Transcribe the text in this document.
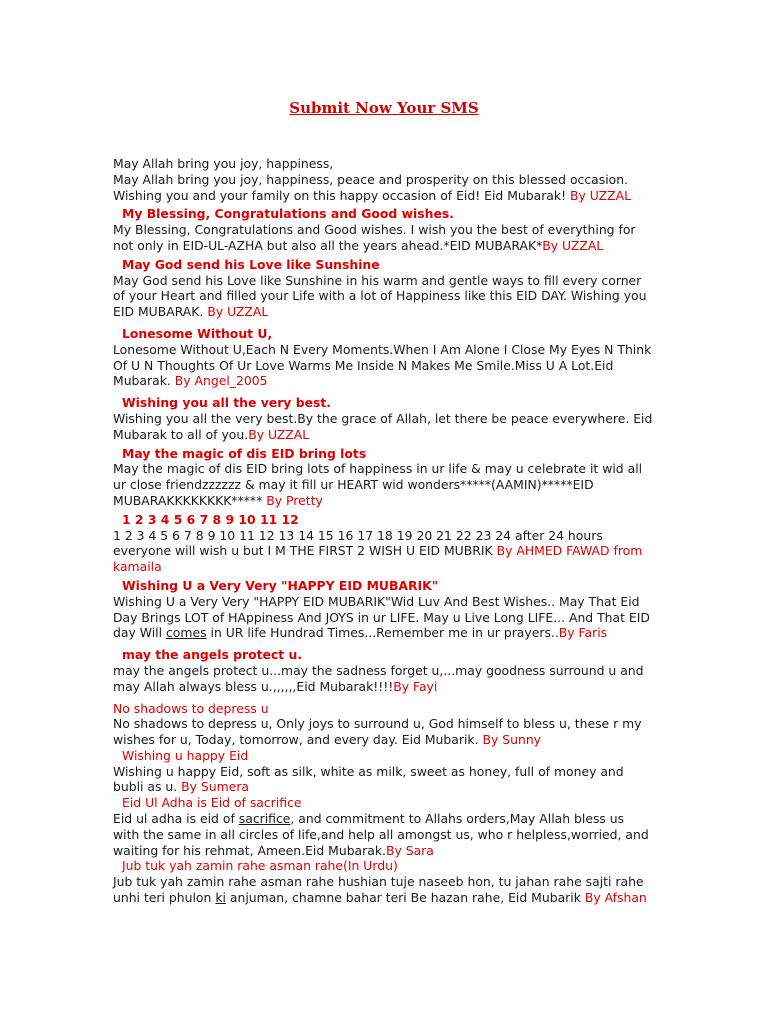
Submit Now Your SMS
May Allah bring you joy, happiness,
May Allah bring you joy, happiness, peace and prosperity on this blessed occasion. Wishing you and your family on this happy occasion of Eid! Eid Mubarak! By UZZAL
My Blessing, Congratulations and Good wishes.
My Blessing, Congratulations and Good wishes. I wish you the best of everything for not only in EID-UL-AZHA but also all the years ahead.*EID MUBARAK*By UZZAL
May God send his Love like Sunshine
May God send his Love like Sunshine in his warm and gentle ways to fill every corner of your Heart and filled your Life with a lot of Happiness like this EID DAY. Wishing you EID MUBARAK. By UZZAL
Lonesome Without U,
Lonesome Without U,Each N Every Moments.When I Am Alone I Close My Eyes N Think Of U N Thoughts Of Ur Love Warms Me Inside N Makes Me Smile.Miss U A Lot.Eid Mubarak. By Angel_2005
Wishing you all the very best.
Wishing you all the very best.By the grace of Allah, let there be peace everywhere. Eid Mubarak to all of you.By UZZAL
May the magic of dis EID bring lots
May the magic of dis EID bring lots of happiness in ur life & may u celebrate it wid all ur close friendzzzzzz & may it fill ur HEART wid wonders*****(AAMIN)*****EID MUBARAKKKKKKKK***** By Pretty
1 2 3 4 5 6 7 8 9 10 11 12
1 2 3 4 5 6 7 8 9 10 11 12 13 14 15 16 17 18 19 20 21 22 23 24 after 24 hours everyone will wish u but I M THE FIRST 2 WISH U EID MUBRIK By AHMED FAWAD from kamaila
Wishing U a Very Very "HAPPY EID MUBARIK"
Wishing U a Very Very "HAPPY EID MUBARIK"Wid Luv And Best Wishes.. May That Eid Day Brings LOT of HAppiness And JOYS in ur LIFE. May u Live Long LIFE... And That EID day Will comes in UR life Hundrad Times...Remember me in ur prayers..By Faris
may the angels protect u.
may the angels protect u...may the sadness forget u,...may goodness surround u and may Allah always bless u.,,,,,,Eid Mubarak!!!!By Fayi
No shadows to depress u
No shadows to depress u, Only joys to surround u, God himself to bless u, these r my wishes for u, Today, tomorrow, and every day. Eid Mubarik. By Sunny
Wishing u happy Eid
Wishing u happy Eid, soft as silk, white as milk, sweet as honey, full of money and bubli as u. By Sumera
Eid Ul Adha is Eid of sacrifice
Eid ul adha is eid of sacrifice, and commitment to Allahs orders,May Allah bless us with the same in all circles of life,and help all amongst us, who r helpless,worried, and waiting for his rehmat, Ameen.Eid Mubarak.By Sara
Jub tuk yah zamin rahe asman rahe(In Urdu)
Jub tuk yah zamin rahe asman rahe hushian tuje naseeb hon, tu jahan rahe sajti rahe unhi teri phulon ki anjuman, chamne bahar teri Be hazan rahe, Eid Mubarik By Afshan
